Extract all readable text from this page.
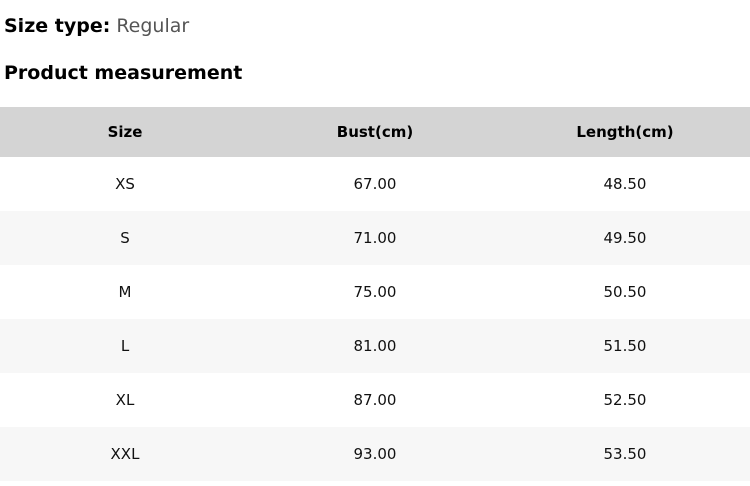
Size type: Regular
Product measurement
Size	Bust(cm)	Length(cm)
XS	67.00	48.50
S	71.00	49.50
M	75.00	50.50
L	81.00	51.50
XL	87.00	52.50
XXL	93.00	53.50
